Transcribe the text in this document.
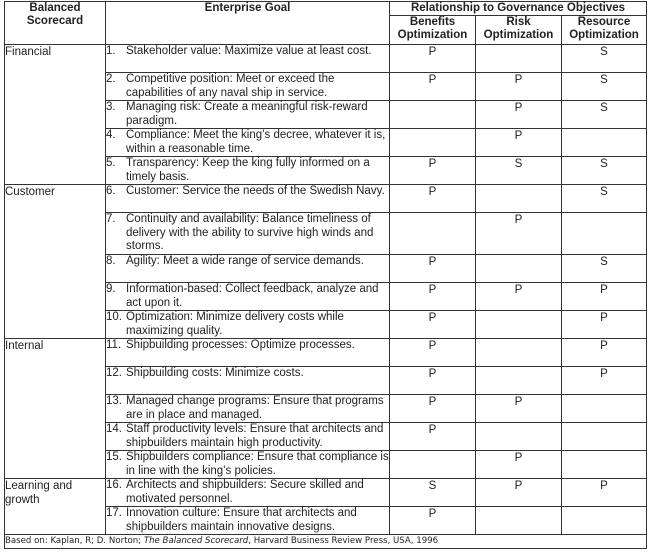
Balanced Scorecard	Enterprise Goal	Relationship to Governance Objectives		
		Benefits Optimization	Risk Optimization	Resource Optimization
Financial	1. Stakeholder value: Maximize value at least cost.	P		S

	2. Competitive position: Meet or exceed the capabilities of any naval ship in service.	P	P	S

	3. Managing risk: Create a meaningful risk-reward paradigm.		P	S

	4. Compliance: Meet the king’s decree, whatever it is, within a reasonable time.		P	

	5. Transparency: Keep the king fully informed on a timely basis.	P	S	S
Customer	6. Customer: Service the needs of the Swedish Navy.	P		S

	7. Continuity and availability: Balance timeliness of delivery with the ability to survive high winds and storms.		P	

	8. Agility: Meet a wide range of service demands.	P		S

	9. Information-based: Collect feedback, analyze and act upon it.	P	P	P

	10. Optimization: Minimize delivery costs while maximizing quality.	P		P
Internal	11. Shipbuilding processes: Optimize processes.	P		P

	12. Shipbuilding costs: Minimize costs.	P		P

	13. Managed change programs: Ensure that programs are in place and managed.	P	P	

	14. Staff productivity levels: Ensure that architects and shipbuilders maintain high productivity.	P		

	15. Shipbuilders compliance: Ensure that compliance is in line with the king’s policies.		P	
Learning and growth	16. Architects and shipbuilders: Secure skilled and motivated personnel.	S	P	P

	17. Innovation culture: Ensure that architects and shipbuilders maintain innovative designs.	P		
Based on: Kaplan, R; D. Norton; The Balanced Scorecard, Harvard Business Review Press, USA, 1996				
